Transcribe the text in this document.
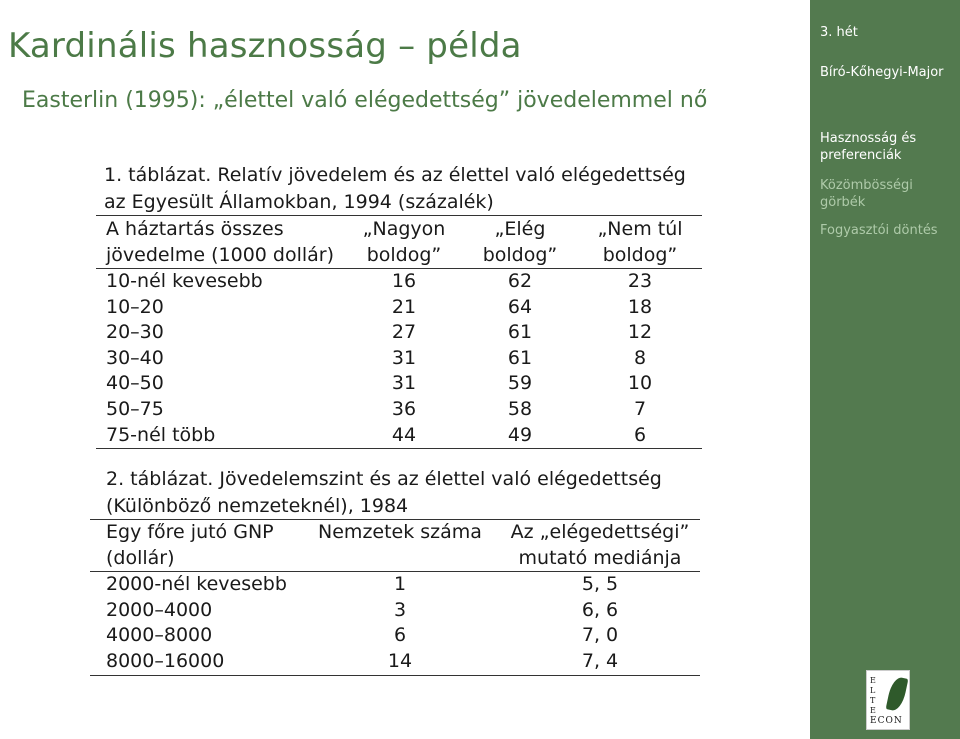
Kardinális hasznosság – példa
Easterlin (1995): „élettel való elégedettség” jövedelemmel nő
1. táblázat. Relatív jövedelem és az élettel való elégedettség
az Egyesült Államokban, 1994 (százalék)
A háztartás összes	„Nagyon	„Elég	„Nem túl
jövedelme (1000 dollár)	boldog”	boldog”	boldog”
10-nél kevesebb	16	62	23
10–20	21	64	18
20–30	27	61	12
30–40	31	61	8
40–50	31	59	10
50–75	36	58	7
75-nél több	44	49	6
2. táblázat. Jövedelemszint és az élettel való elégedettség
(Különböző nemzeteknél), 1984
Egy főre jutó GNP	Nemzetek száma	Az „elégedettségi”
(dollár)		mutató mediánja
2000-nél kevesebb	1	5, 5
2000–4000	3	6, 6
4000–8000	6	7, 0
8000–16000	14	7, 4
3. hét
Bíró-Kőhegyi-Major
Hasznosság és
preferenciák
Közömbösségi
görbék
Fogyasztói döntés
E
L
T
E
ECON
